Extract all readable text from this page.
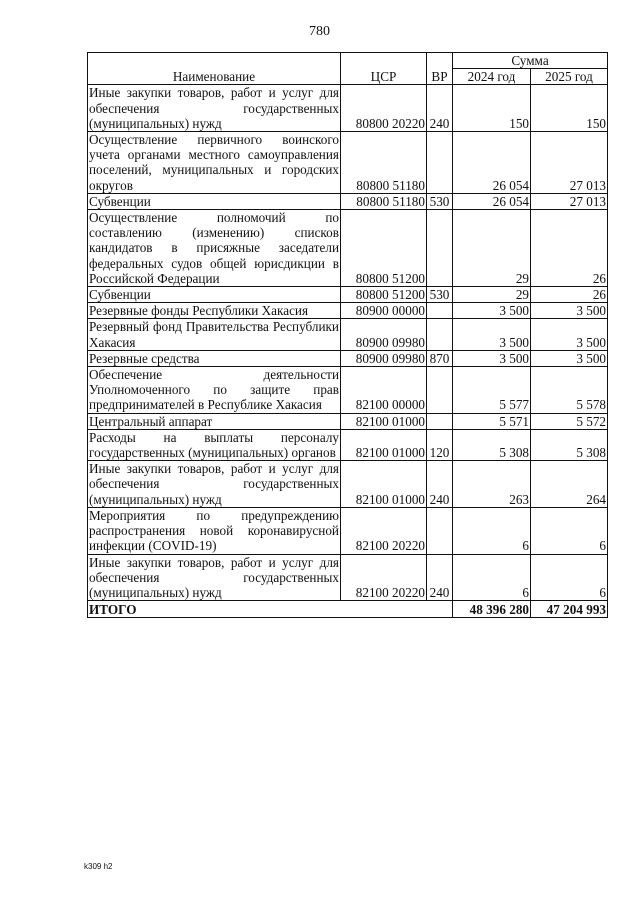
780
Наименование	ЦСР	ВР	Сумма	
			2024 год	2025 год
Иные закупки товаров, работ и услуг для обеспечения государственных (муниципальных) нужд	80800 20220	240	150	150
Осуществление первичного воинского учета органами местного самоуправления поселений, муниципальных и городских округов	80800 51180		26 054	27 013
Субвенции	80800 51180	530	26 054	27 013
Осуществление полномочий по составлению (изменению) списков кандидатов в присяжные заседатели федеральных судов общей юрисдикции в Российской Федерации	80800 51200		29	26
Субвенции	80800 51200	530	29	26
Резервные фонды Республики Хакасия	80900 00000		3 500	3 500
Резервный фонд Правительства Республики Хакасия	80900 09980		3 500	3 500
Резервные средства	80900 09980	870	3 500	3 500
Обеспечение деятельности Уполномоченного по защите прав предпринимателей в Республике Хакасия	82100 00000		5 577	5 578
Центральный аппарат	82100 01000		5 571	5 572
Расходы на выплаты персоналу государственных (муниципальных) органов	82100 01000	120	5 308	5 308
Иные закупки товаров, работ и услуг для обеспечения государственных (муниципальных) нужд	82100 01000	240	263	264
Мероприятия по предупреждению распространения новой коронавирусной инфекции (COVID-19)	82100 20220		6	6
Иные закупки товаров, работ и услуг для обеспечения государственных (муниципальных) нужд	82100 20220	240	6	6
ИТОГО			48 396 280	47 204 993
k309 h2
